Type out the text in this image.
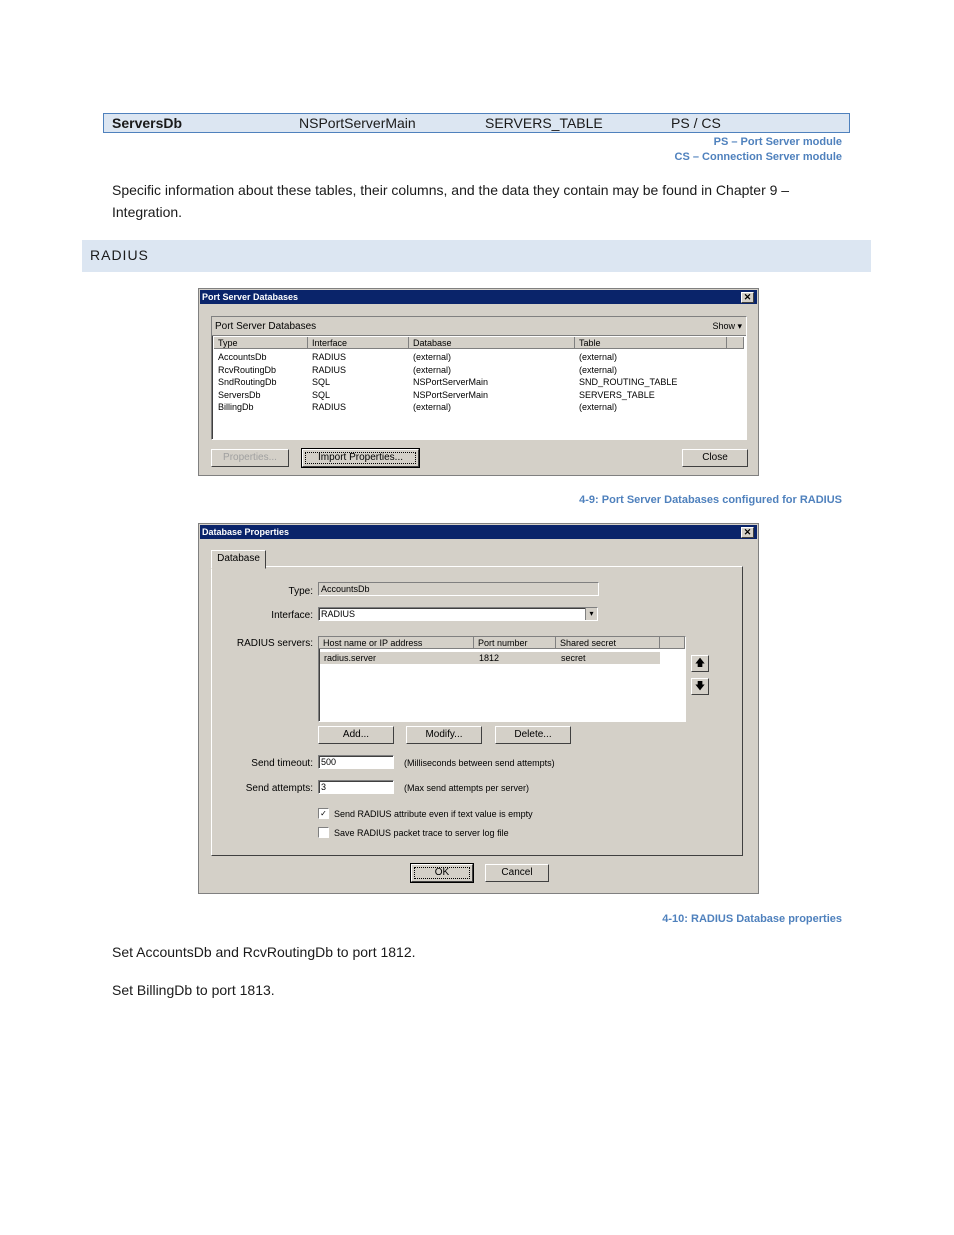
ServersDb	NSPortServerMain	SERVERS_TABLE	PS / CS
PS – Port Server module
CS – Connection Server module
Specific information about these tables, their columns, and the data they contain may be found in Chapter 9 –
Integration.
RADIUS
Port Server Databases	✕
Port Server Databases	Show ▾
Type	Interface	Database	Table
AccountsDb	RADIUS	(external)	(external)
RcvRoutingDb	RADIUS	(external)	(external)
SndRoutingDb	SQL	NSPortServerMain	SND_ROUTING_TABLE
ServersDb	SQL	NSPortServerMain	SERVERS_TABLE
BillingDb	RADIUS	(external)	(external)
Properties...	Import Properties...	Close
4-9: Port Server Databases configured for RADIUS
Database Properties	✕
Database
Type: AccountsDb
Interface: RADIUS	▾
RADIUS servers:	Host name or IP address	Port number	Shared secret
radius.server	1812	secret	🡅
🡇
Add...	Modify...	Delete...
Send timeout: 500	(Milliseconds between send attempts)
Send attempts: 3	(Max send attempts per server)
✓ Send RADIUS attribute even if text value is empty
Save RADIUS packet trace to server log file
OK	Cancel
4-10: RADIUS Database properties
Set AccountsDb and RcvRoutingDb to port 1812.
Set BillingDb to port 1813.
